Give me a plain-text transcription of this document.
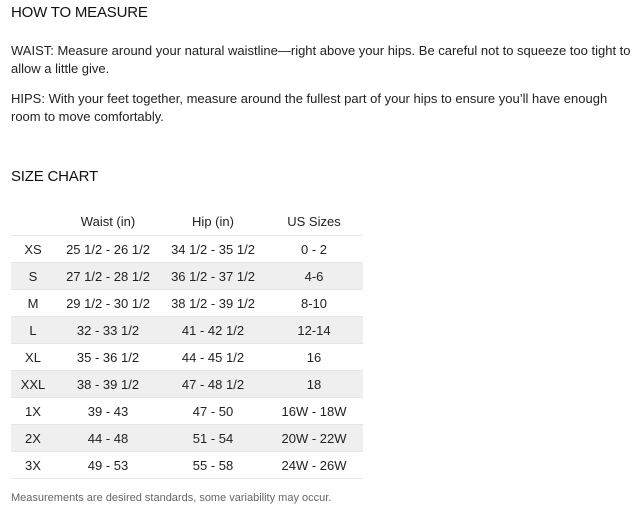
HOW TO MEASURE

WAIST: Measure around your natural waistline—right above your hips. Be careful not to squeeze too tight to allow a little give.

HIPS: With your feet together, measure around the fullest part of your hips to ensure you’ll have enough room to move comfortably.

SIZE CHART
	Waist (in)	Hip (in)	US Sizes
XS	25 1/2 - 26 1/2	34 1/2 - 35 1/2	0 - 2
S	27 1/2 - 28 1/2	36 1/2 - 37 1/2	4-6
M	29 1/2 - 30 1/2	38 1/2 - 39 1/2	8-10
L	32 - 33 1/2	41 - 42 1/2	12-14
XL	35 - 36 1/2	44 - 45 1/2	16
XXL	38 - 39 1/2	47 - 48 1/2	18
1X	39 - 43	47 - 50	16W - 18W
2X	44 - 48	51 - 54	20W - 22W
3X	49 - 53	55 - 58	24W - 26W

Measurements are desired standards, some variability may occur.
